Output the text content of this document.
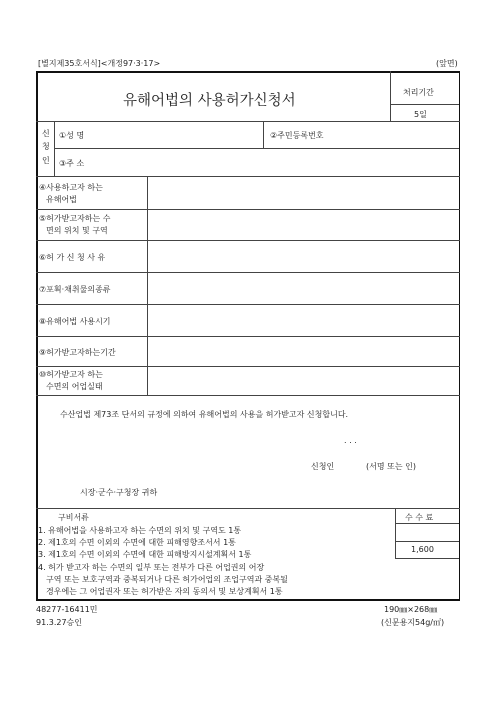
[별지제35호서식]<개정97·3·17>	(앞면)
유해어법의 사용허가신청서
처리기간
5일
신
청
인
①성 명	②주민등록번호
③주 소
④사용하고자 하는
유해어법
⑤허가받고자하는 수
면의 위치 및 구역
⑥허 가 신 청 사 유
⑦포획·채취물의종류
⑧유해어법 사용시기
⑨허가받고자하는기간
⑩허가받고자 하는
수면의 어업실태
수산업법 제73조 단서의 규정에 의하여 유해어법의 사용을 허가받고자 신청합니다.
. . .
신청인	(서명 또는 인)
시장·군수·구청장 귀하
구비서류
1. 유해어법을 사용하고자 하는 수면의 위치 및 구역도 1통
2. 제1호의 수면 이외의 수면에 대한 피해영향조서서 1통
3. 제1호의 수면 이외의 수면에 대한 피해방지시설계획서 1통
4. 허가 받고자 하는 수면의 일부 또는 전부가 다른 어업권의 어장
구역 또는 보호구역과 중복되거나 다른 허가어업의 조업구역과 중복될
수 수 료
1,600
48277-16411민
91.3.27승인
190㎜×268㎜
(신문용지54g/㎡)
경우에는 그 어업권자 또는 허가받은 자의 동의서 및 보상계획서 1통
